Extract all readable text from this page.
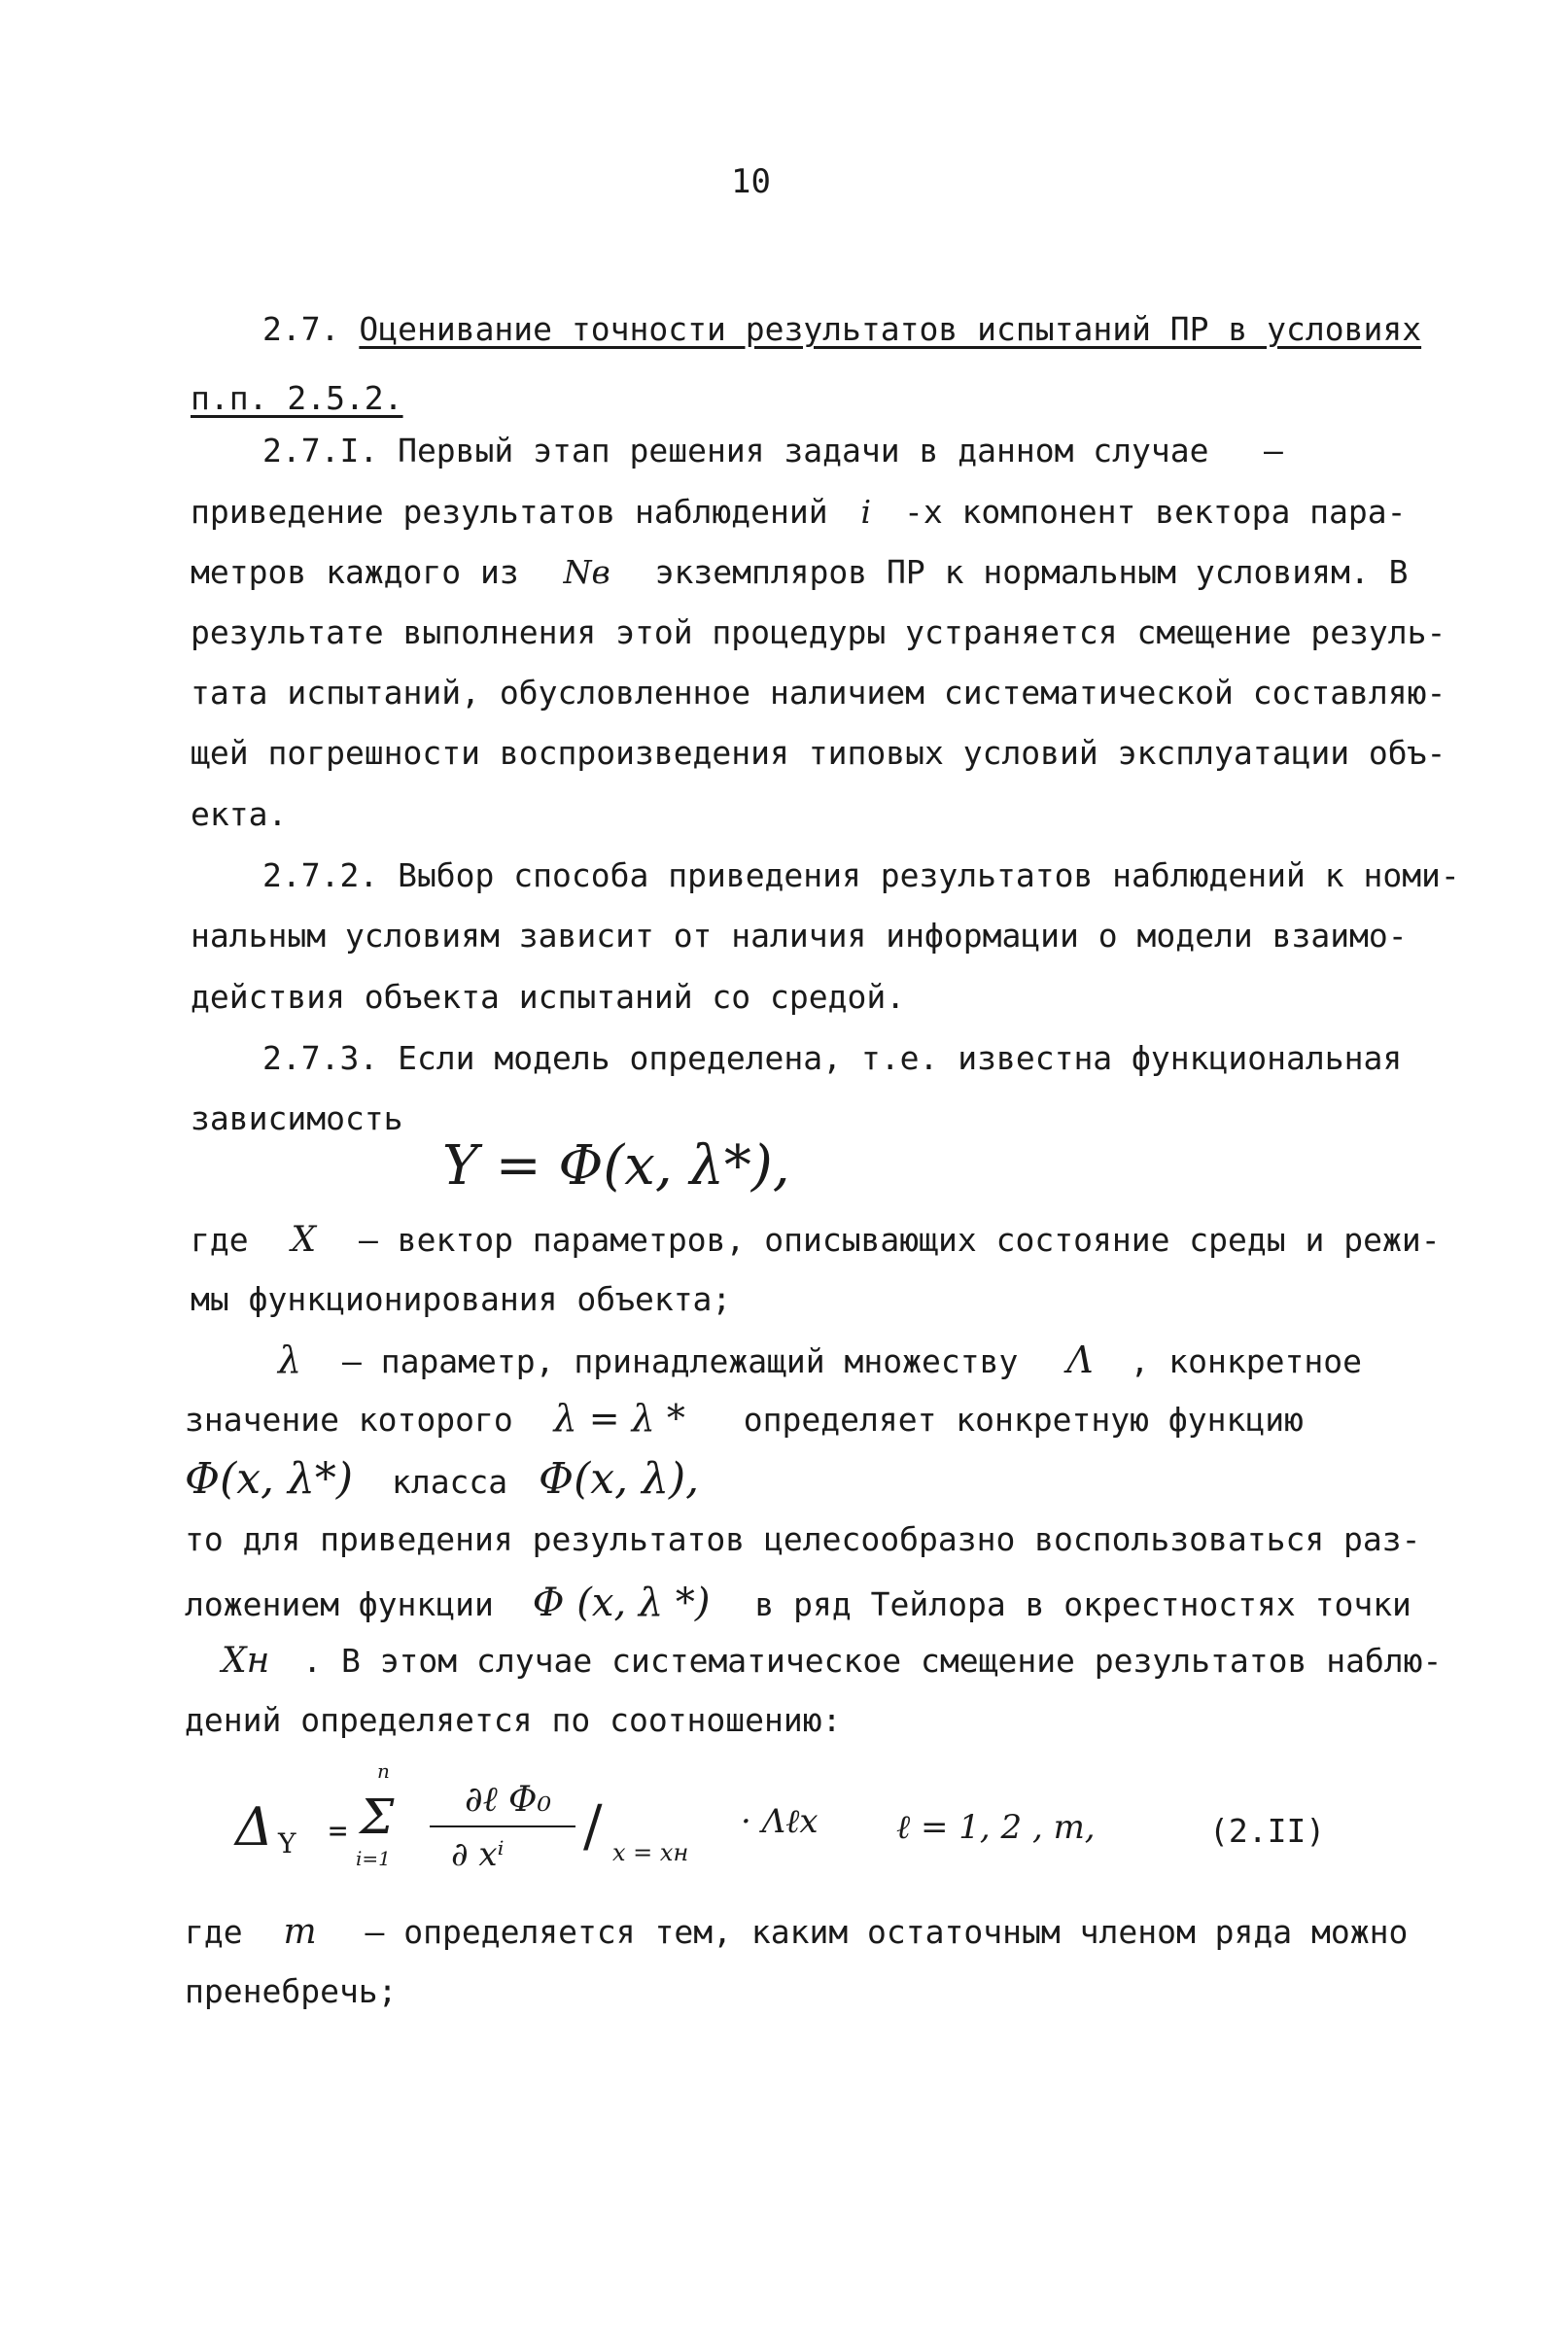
10
2.7. Оценивание точности результатов испытаний ПР в условиях
п.п. 2.5.2.
2.7.I. Первый этап решения задачи в данном случае –
приведение результатов наблюдений i -х компонент вектора пара-
метров каждого из Nв экземпляров ПР к нормальным условиям. В
результате выполнения этой процедуры устраняется смещение резуль-
тата испытаний, обусловленное наличием систематической составляю-
щей погрешности воспроизведения типовых условий эксплуатации объ-
екта.
2.7.2. Выбор способа приведения результатов наблюдений к номи-
нальным условиям зависит от наличия информации о модели взаимо-
действия объекта испытаний со средой.
2.7.3. Если модель определена, т.е. известна функциональная
зависимость
Y = Φ(x, λ*),
где X – вектор параметров, описывающих состояние среды и режи-
мы функционирования объекта;
λ – параметр, принадлежащий множеству Λ , конкретное
значение которого λ = λ * определяет конкретную функцию
Φ(x, λ*) класса Φ(x, λ),
то для приведения результатов целесообразно воспользоваться раз-
ложением функции Φ (x, λ *) в ряд Тейлора в окрестностях точки
Xн . В этом случае систематическое смещение результатов наблю-
дений определяется по соотношению:
Δ Y =
n
Σ
i=1
∂ℓ Φ₀
∂ xⁱ / x = xн
· Λℓx ℓ = 1, 2 , m,	(2.II)
где m – определяется тем, каким остаточным членом ряда можно
пренебречь;
